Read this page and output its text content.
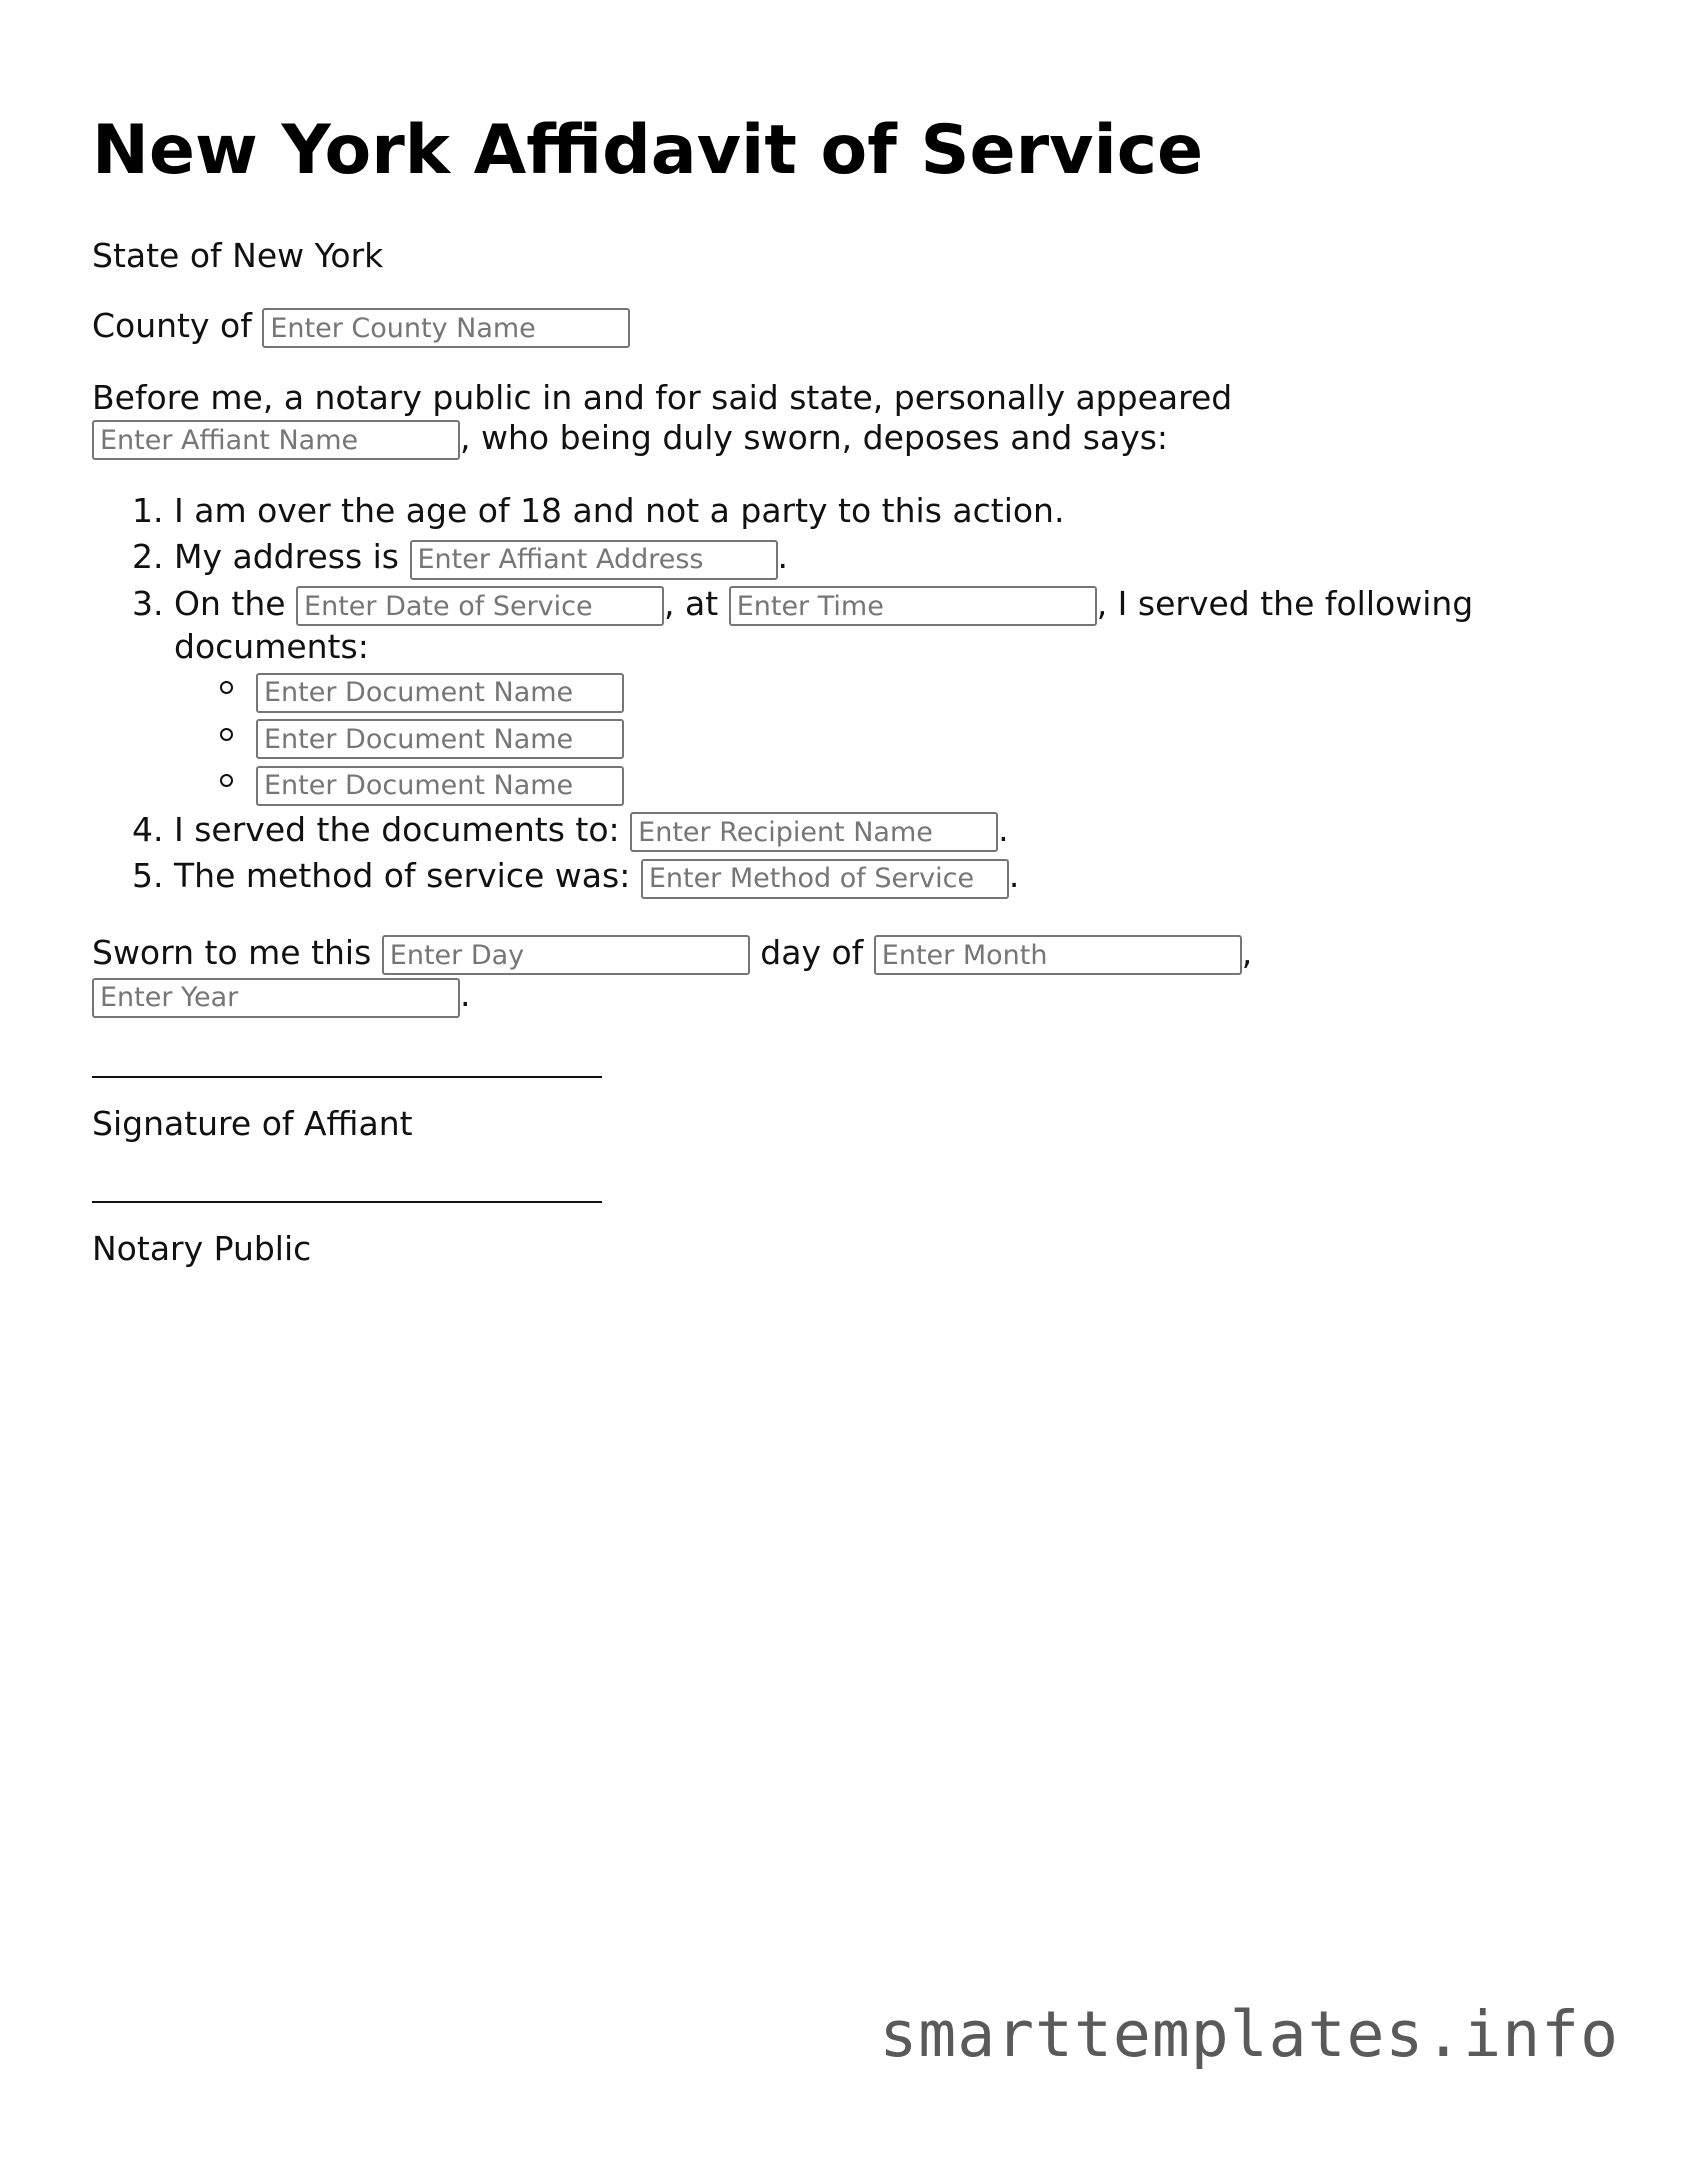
New York Affidavit of Service

State of New York

County of Enter County Name

Before me, a notary public in and for said state, personally appeared
Enter Affiant Name, who being duly sworn, deposes and says:

1. I am over the age of 18 and not a party to this action.
2. My address is Enter Affiant Address	.
3. On the Enter Date of Service	, at Enter Time	, I served the following documents:
Enter Document Name
Enter Document Name
Enter Document Name
4. I served the documents to: Enter Recipient Name	.
5. The method of service was: Enter Method of Service	.

Sworn to me this Enter Day	day of Enter Month	,
Enter Year.

Signature of Affiant
Notary Public
smarttemplates.info
